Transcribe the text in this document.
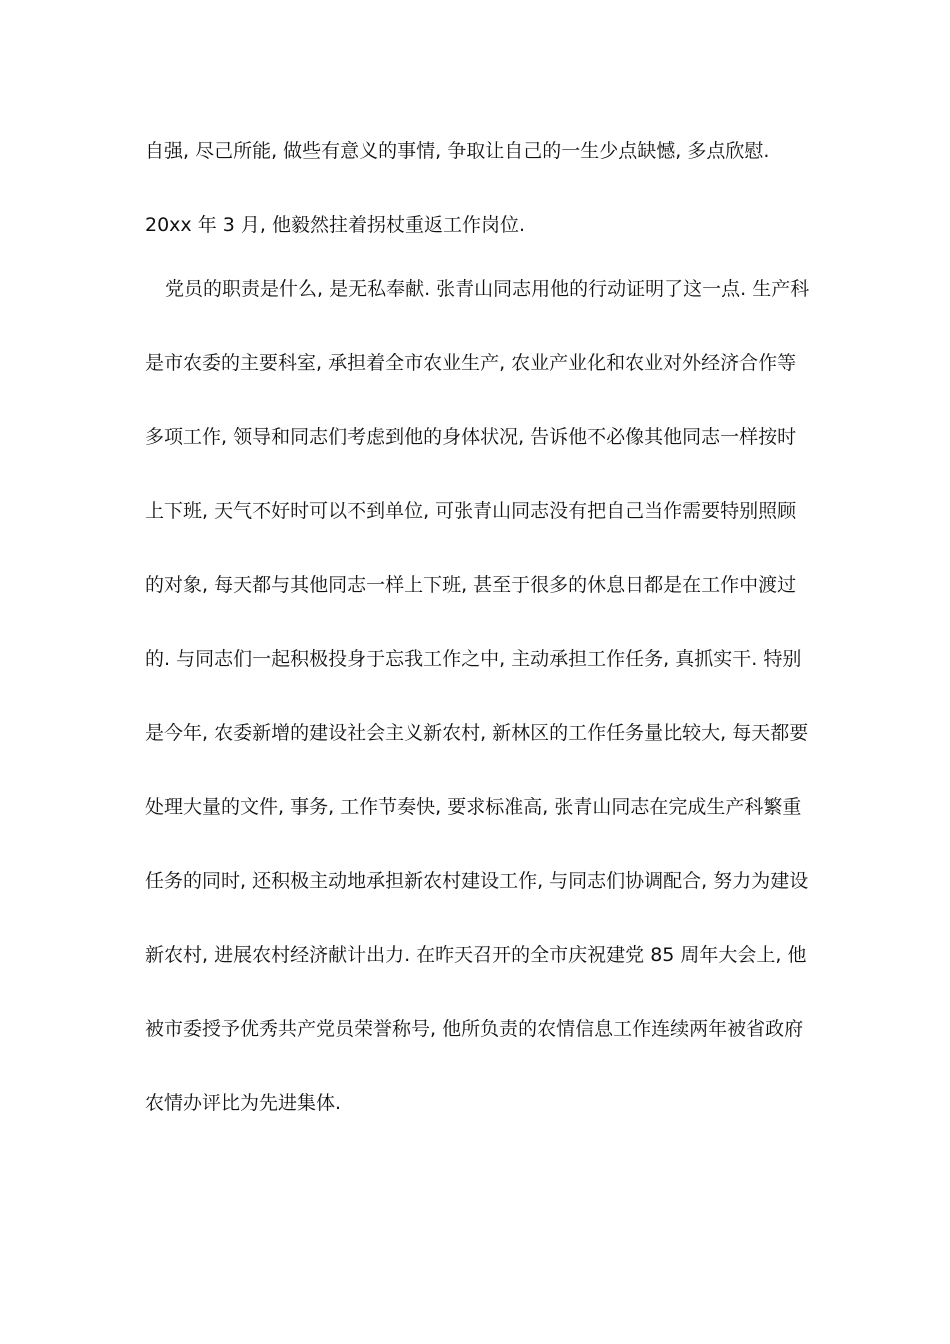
自强, 尽己所能, 做些有意义的事情, 争取让自己的一生少点缺憾, 多点欣慰.
20xx 年 3 月, 他毅然拄着拐杖重返工作岗位.
党员的职责是什么, 是无私奉献. 张青山同志用他的行动证明了这一点. 生产科
是市农委的主要科室, 承担着全市农业生产, 农业产业化和农业对外经济合作等
多项工作, 领导和同志们考虑到他的身体状况, 告诉他不必像其他同志一样按时
上下班, 天气不好时可以不到单位, 可张青山同志没有把自己当作需要特别照顾
的对象, 每天都与其他同志一样上下班, 甚至于很多的休息日都是在工作中渡过
的. 与同志们一起积极投身于忘我工作之中, 主动承担工作任务, 真抓实干. 特别
是今年, 农委新增的建设社会主义新农村, 新林区的工作任务量比较大, 每天都要
处理大量的文件, 事务, 工作节奏快, 要求标准高, 张青山同志在完成生产科繁重
任务的同时, 还积极主动地承担新农村建设工作, 与同志们协调配合, 努力为建设
新农村, 进展农村经济献计出力. 在昨天召开的全市庆祝建党 85 周年大会上, 他
被市委授予优秀共产党员荣誉称号, 他所负责的农情信息工作连续两年被省政府
农情办评比为先进集体.
